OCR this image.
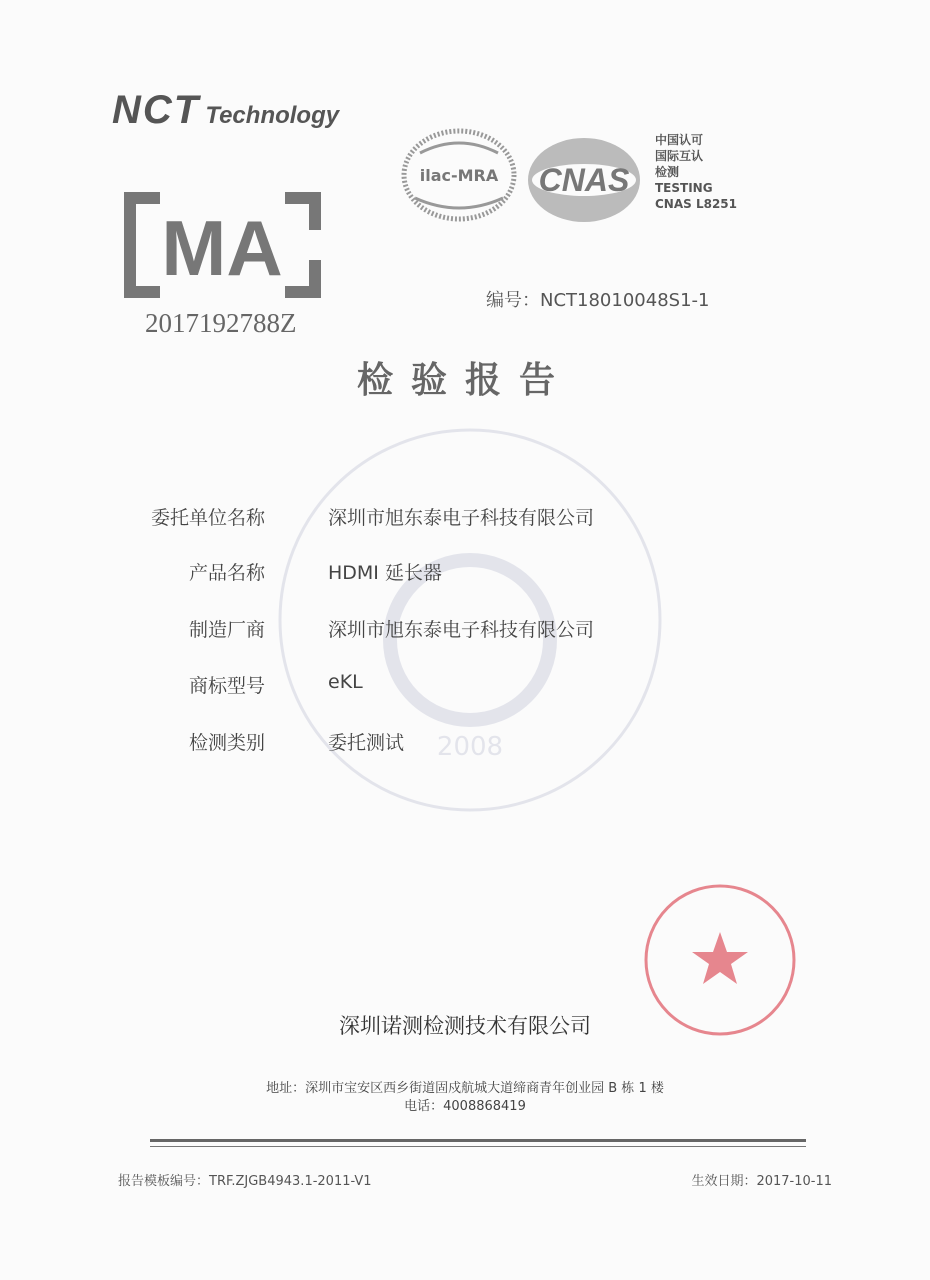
NCT Technology
MA
2017192788Z
ilac-MRA CNAS
中国认可
国际互认
检测
TESTING
CNAS L8251
编号：NCT18010048S1-1
检验报告
2008
委托单位名称	深圳市旭东泰电子科技有限公司
产品名称	HDMI 延长器
制造厂商	深圳市旭东泰电子科技有限公司
商标型号	eKL
检测类别	委托测试
深圳诺测检测技术有限公司
地址：深圳市宝安区西乡街道固戍航城大道缔商青年创业园 B 栋 1 楼
电话：4008868419
报告模板编号：TRF.ZJGB4943.1-2011-V1	生效日期：2017-10-11
